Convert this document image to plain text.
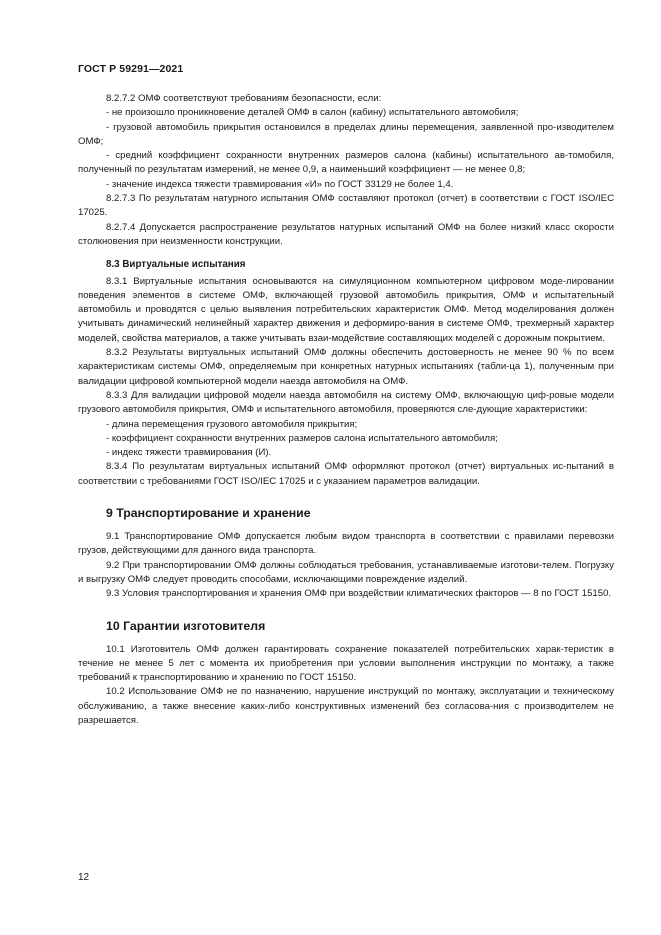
ГОСТ Р 59291—2021
8.2.7.2 ОМФ соответствуют требованиям безопасности, если:
- не произошло проникновение деталей ОМФ в салон (кабину) испытательного автомобиля;
- грузовой автомобиль прикрытия остановился в пределах длины перемещения, заявленной про-изводителем ОМФ;
- средний коэффициент сохранности внутренних размеров салона (кабины) испытательного ав-томобиля, полученный по результатам измерений, не менее 0,9, а наименьший коэффициент — не менее 0,8;
- значение индекса тяжести травмирования «И» по ГОСТ 33129 не более 1,4.
8.2.7.3 По результатам натурного испытания ОМФ составляют протокол (отчет) в соответствии с ГОСТ ISO/IEC 17025.
8.2.7.4 Допускается распространение результатов натурных испытаний ОМФ на более низкий класс скорости столкновения при неизменности конструкции.
8.3 Виртуальные испытания
8.3.1 Виртуальные испытания основываются на симуляционном компьютерном цифровом моде-лировании поведения элементов в системе ОМФ, включающей грузовой автомобиль прикрытия, ОМФ и испытательный автомобиль и проводятся с целью выявления потребительских характеристик ОМФ. Метод моделирования должен учитывать динамический нелинейный характер движения и деформиро-вания в системе ОМФ, трехмерный характер моделей, свойства материалов, а также учитывать взаи-модействие составляющих моделей с дорожным покрытием.
8.3.2 Результаты виртуальных испытаний ОМФ должны обеспечить достоверность не менее 90 % по всем характеристикам системы ОМФ, определяемым при конкретных натурных испытаниях (табли-ца 1), полученным при валидации цифровой компьютерной модели наезда автомобиля на ОМФ.
8.3.3 Для валидации цифровой модели наезда автомобиля на систему ОМФ, включающую циф-ровые модели грузового автомобиля прикрытия, ОМФ и испытательного автомобиля, проверяются сле-дующие характеристики:
- длина перемещения грузового автомобиля прикрытия;
- коэффициент сохранности внутренних размеров салона испытательного автомобиля;
- индекс тяжести травмирования (И).
8.3.4 По результатам виртуальных испытаний ОМФ оформляют протокол (отчет) виртуальных ис-пытаний в соответствии с требованиями ГОСТ ISO/IEC 17025 и с указанием параметров валидации.
9 Транспортирование и хранение
9.1 Транспортирование ОМФ допускается любым видом транспорта в соответствии с правилами перевозки грузов, действующими для данного вида транспорта.
9.2 При транспортировании ОМФ должны соблюдаться требования, устанавливаемые изготови-телем. Погрузку и выгрузку ОМФ следует проводить способами, исключающими повреждение изделий.
9.3 Условия транспортирования и хранения ОМФ при воздействии климатических факторов — 8 по ГОСТ 15150.
10 Гарантии изготовителя
10.1 Изготовитель ОМФ должен гарантировать сохранение показателей потребительских харак-теристик в течение не менее 5 лет с момента их приобретения при условии выполнения инструкции по монтажу, а также требований к транспортированию и хранению по ГОСТ 15150.
10.2 Использование ОМФ не по назначению, нарушение инструкций по монтажу, эксплуатации и техническому обслуживанию, а также внесение каких-либо конструктивных изменений без согласова-ния с производителем не разрешается.
12
